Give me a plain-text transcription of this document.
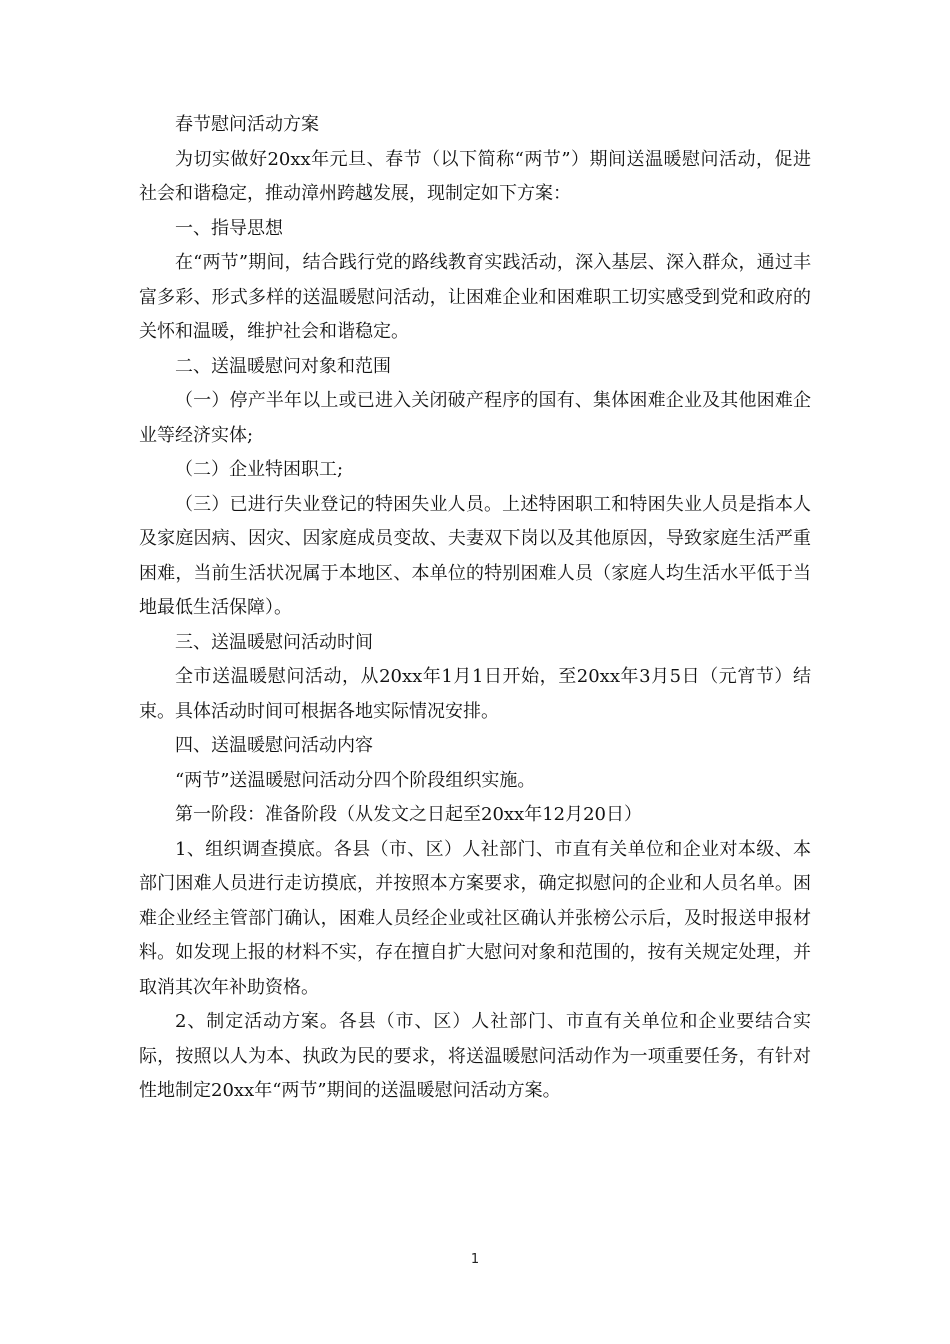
春节慰问活动方案

为切实做好20xx年元旦、春节（以下简称“两节”）期间送温暖慰问活动，促进社会和谐稳定，推动漳州跨越发展，现制定如下方案：

一、指导思想

在“两节”期间，结合践行党的路线教育实践活动，深入基层、深入群众，通过丰富多彩、形式多样的送温暖慰问活动，让困难企业和困难职工切实感受到党和政府的关怀和温暖，维护社会和谐稳定。

二、送温暖慰问对象和范围

（一）停产半年以上或已进入关闭破产程序的国有、集体困难企业及其他困难企业等经济实体;

（二）企业特困职工;

（三）已进行失业登记的特困失业人员。上述特困职工和特困失业人员是指本人及家庭因病、因灾、因家庭成员变故、夫妻双下岗以及其他原因，导致家庭生活严重困难，当前生活状况属于本地区、本单位的特别困难人员（家庭人均生活水平低于当地最低生活保障）。

三、送温暖慰问活动时间

全市送温暖慰问活动，从20xx年1月1日开始，至20xx年3月5日（元宵节）结束。具体活动时间可根据各地实际情况安排。

四、送温暖慰问活动内容

“两节”送温暖慰问活动分四个阶段组织实施。

第一阶段：准备阶段（从发文之日起至20xx年12月20日）

1、组织调查摸底。各县（市、区）人社部门、市直有关单位和企业对本级、本部门困难人员进行走访摸底，并按照本方案要求，确定拟慰问的企业和人员名单。困难企业经主管部门确认，困难人员经企业或社区确认并张榜公示后，及时报送申报材料。如发现上报的材料不实，存在擅自扩大慰问对象和范围的，按有关规定处理，并取消其次年补助资格。

2、制定活动方案。各县（市、区）人社部门、市直有关单位和企业要结合实际，按照以人为本、执政为民的要求，将送温暖慰问活动作为一项重要任务，有针对性地制定20xx年“两节”期间的送温暖慰问活动方案。

1
